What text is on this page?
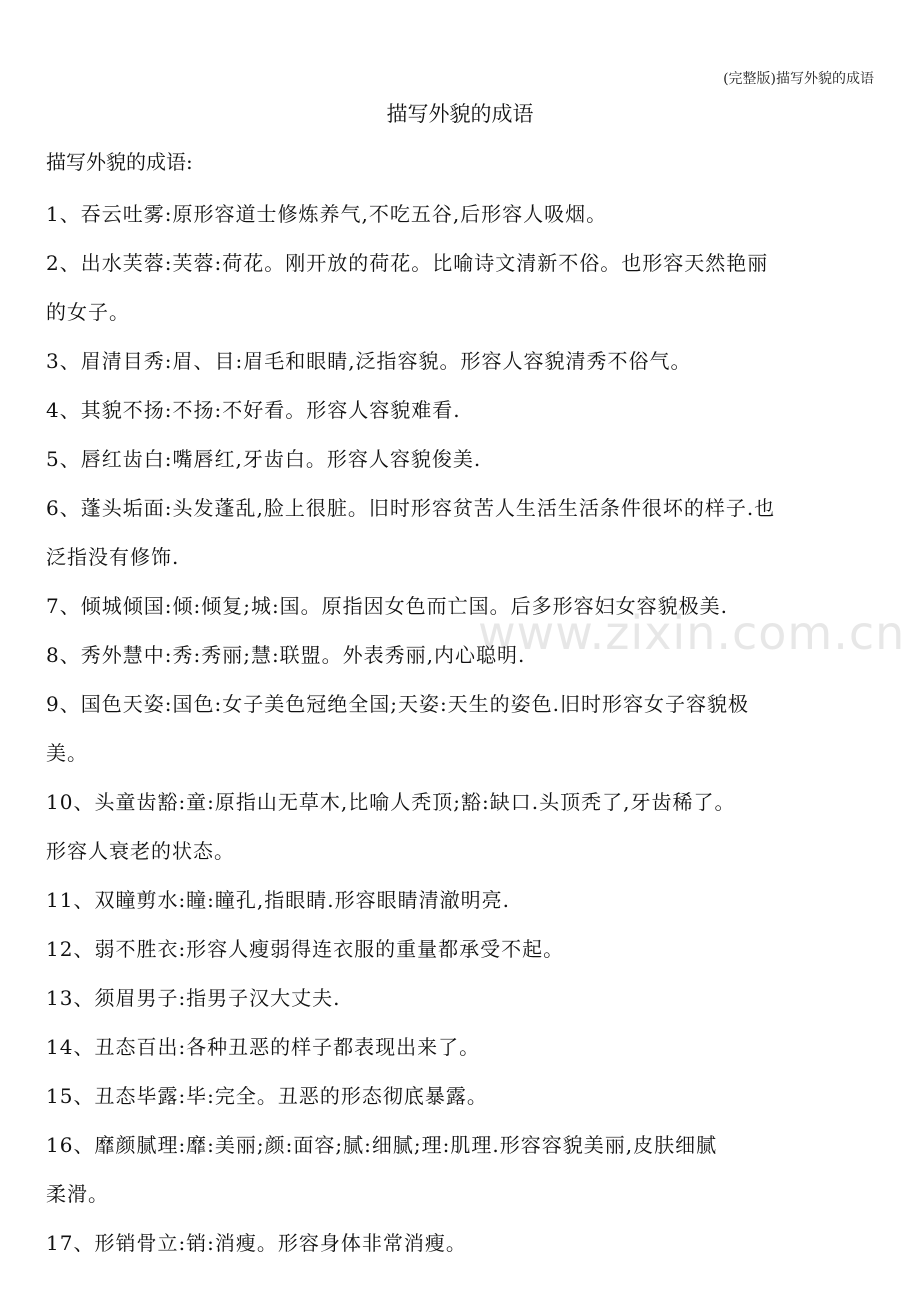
(完整版)描写外貌的成语
描写外貌的成语
描写外貌的成语:
www.zixin.com.cn

1、吞云吐雾:原形容道士修炼养气,不吃五谷,后形容人吸烟。

2、出水芙蓉:芙蓉:荷花。刚开放的荷花。比喻诗文清新不俗。也形容天然艳丽

的女子。

3、眉清目秀:眉、目:眉毛和眼睛,泛指容貌。形容人容貌清秀不俗气。

4、其貌不扬:不扬:不好看。形容人容貌难看.

5、唇红齿白:嘴唇红,牙齿白。形容人容貌俊美.

6、蓬头垢面:头发蓬乱,脸上很脏。旧时形容贫苦人生活生活条件很坏的样子.也

泛指没有修饰.

7、倾城倾国:倾:倾复;城:国。原指因女色而亡国。后多形容妇女容貌极美.

8、秀外慧中:秀:秀丽;慧:联盟。外表秀丽,内心聪明.

9、国色天姿:国色:女子美色冠绝全国;天姿:天生的姿色.旧时形容女子容貌极

美。

10、头童齿豁:童:原指山无草木,比喻人秃顶;豁:缺口.头顶秃了,牙齿稀了。

形容人衰老的状态。

11、双瞳剪水:瞳:瞳孔,指眼睛.形容眼睛清澈明亮.

12、弱不胜衣:形容人瘦弱得连衣服的重量都承受不起。

13、须眉男子:指男子汉大丈夫.

14、丑态百出:各种丑恶的样子都表现出来了。

15、丑态毕露:毕:完全。丑恶的形态彻底暴露。

16、靡颜腻理:靡:美丽;颜:面容;腻:细腻;理:肌理.形容容貌美丽,皮肤细腻

柔滑。

17、形销骨立:销:消瘦。形容身体非常消瘦。
